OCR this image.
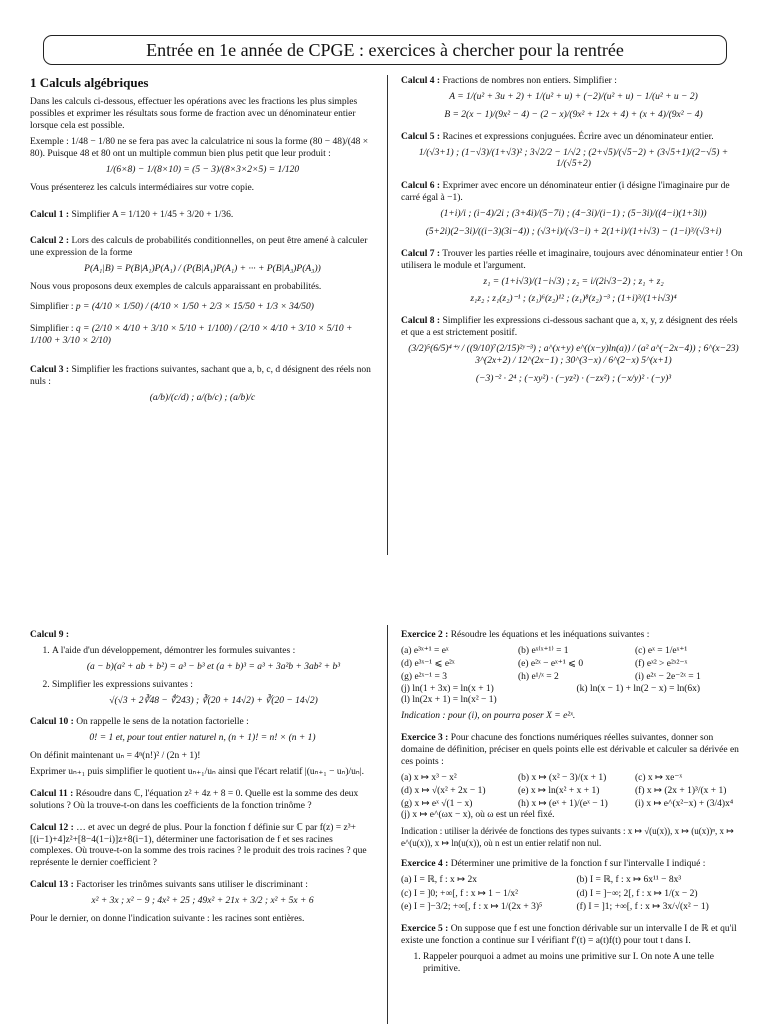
Entrée en 1e année de CPGE : exercices à chercher pour la rentrée
1 Calculs algébriques

Dans les calculs ci-dessous, effectuer les opérations avec les fractions les plus simples possibles et exprimer les résultats sous forme de fraction avec un dénominateur entier lorsque cela est possible.

Exemple : 1/48 − 1/80 ne se fera pas avec la calculatrice ni sous la forme (80 − 48)/(48 × 80). Puisque 48 et 80 ont un multiple commun bien plus petit que leur produit :

1/(6×8) − 1/(8×10) = (5 − 3)/(8×3×2×5) = 1/120

Vous présenterez les calculs intermédiaires sur votre copie.

Calcul 1 : Simplifier A = 1/120 + 1/45 + 3/20 + 1/36.

Calcul 2 : Lors des calculs de probabilités conditionnelles, on peut être amené à calculer une expression de la forme

P(A₁|B) = P(B|A₁)P(A₁) / (P(B|A₁)P(A₁) + ··· + P(B|A₃)P(A₃))

Nous vous proposons deux exemples de calculs apparaissant en probabilités.

Simplifier : p = (4/10 × 1/50) / (4/10 × 1/50 + 2/3 × 15/50 + 1/3 × 34/50)

Simplifier : q = (2/10 × 4/10 + 3/10 × 5/10 + 1/100) / (2/10 × 4/10 + 3/10 × 5/10 + 1/100 + 3/10 × 2/10)

Calcul 3 : Simplifier les fractions suivantes, sachant que a, b, c, d désignent des réels non nuls :

(a/b)/(c/d) ; a/(b/c) ; (a/b)/c

Calcul 4 : Fractions de nombres non entiers. Simplifier :

A = 1/(u² + 3u + 2) + 1/(u² + u) + (−2)/(u² + u) − 1/(u² + u − 2)
B = 2(x − 1)/(9x² − 4) − (2 − x)/(9x² + 12x + 4) + (x + 4)/(9x² − 4)

Calcul 5 : Racines et expressions conjuguées. Écrire avec un dénominateur entier.

1/(√3+1) ; (1−√3)/(1+√3)² ; 3√2/2 − 1/√2 ; (2+√5)/(√5−2) + (3√5+1)/(2−√5) + 1/(√5+2)

Calcul 6 : Exprimer avec encore un dénominateur entier (i désigne l'imaginaire pur de carré égal à −1).

(1+i)/i ; (i−4)/2i ; (3+4i)/(5−7i) ; (4−3i)/(i−1) ; (5−3i)/((4−i)(1+3i))
(5+2i)(2−3i)/((i−3)(3i−4)) ; (√3+i)/(√3−i) + 2(1+i)/(1+i√3) − (1−i)³/(√3+i)

Calcul 7 : Trouver les parties réelle et imaginaire, toujours avec dénominateur entier ! On utilisera le module et l'argument.

z₁ = (1+i√3)/(1−i√3) ; z₂ = i/(2i√3−2) ; z₁ + z₂
z₁z₂ ; z₁(z₂)⁻¹ ; (z₁)⁶(z₂)¹² ; (z₁)⁸(z₂)⁻³ ; (1+i)³/(1+i√3)⁴

Calcul 8 : Simplifier les expressions ci-dessous sachant que a, x, y, z désignent des réels et que a est strictement positif.

(3/2)⁵(6/5)⁴⁺ʸ / ((9/10)⁷(2/15)²ʸ⁻³) ; a^(x+y) e^((x−y)ln(a)) / (a² a^(−2x−4)) ; 6^(x−23) 3^(2x+2) / 12^(2x−1) ; 30^(3−x) / 6^(2−x) 5^(x+1)
(−3)⁻² · 2⁴ ; (−xy²) · (−yz²) · (−zx²) ; (−x/y)² · (−y)³

Calcul 9 :

1. A l'aide d'un développement, démontrer les formules suivantes :
(a − b)(a² + ab + b²) = a³ − b³ et (a + b)³ = a³ + 3a²b + 3ab² + b³
2. Simplifier les expressions suivantes :
√(√3 + 2∛48 − ∜243) ; ∛(20 + 14√2) + ∛(20 − 14√2)

Calcul 10 : On rappelle le sens de la notation factorielle :

0! = 1 et, pour tout entier naturel n, (n + 1)! = n! × (n + 1)

On définit maintenant uₙ = 4ⁿ(n!)² / (2n + 1)!

Exprimer uₙ₊₁ puis simplifier le quotient uₙ₊₁/uₙ ainsi que l'écart relatif |(uₙ₊₁ − uₙ)/uₙ|.

Calcul 11 : Résoudre dans ℂ, l'équation z² + 4z + 8 = 0. Quelle est la somme des deux solutions ? Où la trouve-t-on dans les coefficients de la fonction trinôme ?
Calcul 12 : … et avec un degré de plus. Pour la fonction f définie sur ℂ par f(z) = z³+[(i−1)+4]z²+[8−4(1−i)]z+8(i−1), déterminer une factorisation de f et ses racines complexes. Où trouve-t-on la somme des trois racines ? le produit des trois racines ? que représente le dernier coefficient ?

Calcul 13 : Factoriser les trinômes suivants sans utiliser le discriminant :

x² + 3x ; x² − 9 ; 4x² + 25 ; 49x² + 21x + 3/2 ; x² + 5x + 6

Pour le dernier, on donne l'indication suivante : les racines sont entières.

Exercice 2 : Résoudre les équations et les inéquations suivantes :

(a) e³ˣ⁺¹ = eˣ	(b) eˣ⁽ˣ⁺¹⁾ = 1	(c) eˣ = 1/eˣ⁺¹
(d) e³ˣ⁻¹ ⩽ e²ˣ	(e) e²ˣ − eˣ⁺¹ ⩽ 0	(f) eˣ² > e²ˣ²⁻ˣ
(g) e²ˣ⁻¹ = 3	(h) e¹/ˣ = 2	(i) e²ˣ − 2e⁻²ˣ = 1
(j) ln(1 + 3x) = ln(x + 1)	(k) ln(x − 1) + ln(2 − x) = ln(6x)

(l) ln(2x + 1) = ln(x² − 1)

Indication : pour (i), on pourra poser X = e²ˣ.

Exercice 3 : Pour chacune des fonctions numériques réelles suivantes, donner son domaine de définition, préciser en quels points elle est dérivable et calculer sa dérivée en ces points :

(a) x ↦ x³ − x²	(b) x ↦ (x² − 3)/(x + 1)	(c) x ↦ xe⁻ˣ
(d) x ↦ √(x² + 2x − 1)	(e) x ↦ ln(x² + x + 1)	(f) x ↦ (2x + 1)³/(x + 1)
(g) x ↦ eˣ √(1 − x)	(h) x ↦ (eˣ + 1)/(eˣ − 1)	(i) x ↦ e^(x²−x) + (3/4)x⁴

(j) x ↦ e^(ωx − x), où ω est un réel fixé.

Indication : utiliser la dérivée de fonctions des types suivants : x ↦ √(u(x)), x ↦ (u(x))ⁿ, x ↦ e^(u(x)), x ↦ ln(u(x)), où n est un entier relatif non nul.

Exercice 4 : Déterminer une primitive de la fonction f sur l'intervalle I indiqué :

(a) I = ℝ, f : x ↦ 2x	(b) I = ℝ, f : x ↦ 6x¹¹ − 8x³
(c) I = ]0; +∞[, f : x ↦ 1 − 1/x²	(d) I = ]−∞; 2[, f : x ↦ 1/(x − 2)
(e) I = ]−3/2; +∞[, f : x ↦ 1/(2x + 3)⁵	(f) I = ]1; +∞[, f : x ↦ 3x/√(x² − 1)

Exercice 5 : On suppose que f est une fonction dérivable sur un intervalle I de ℝ et qu'il existe une fonction a continue sur I vérifiant f′(t) = a(t)f(t) pour tout t dans I.

1. Rappeler pourquoi a admet au moins une primitive sur I. On note A une telle primitive.
